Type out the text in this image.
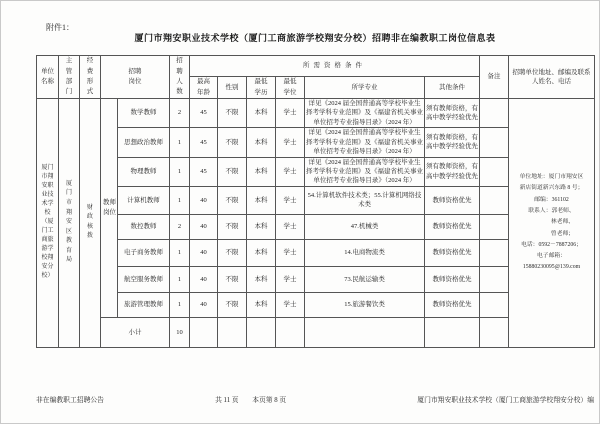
附件1：
厦门市翔安职业技术学校（厦门工商旅游学校翔安分校）招聘非在编教职工岗位信息表
单位名称	主管部门	经费形式	招聘岗位		招聘人数	所需资格条件						备注	招聘单位地址、邮编及联系人姓名、电话
						最高年龄	性别	最低学历	最低学位	所学专业	其他条件		
厦门市翔安职业技术学校（厦门工商旅游学校翔安分校）	厦门市翔安区教育局	财政核拨	教师岗位	数学教师	2	45	不限	本科	学士	详见《2024 届全国普通高等学校毕业生择考学科专业范围》及《福建省机关事业单位招考专业指导目录》（2024 年）	须有教师资格，有高中教学经验优先		
单位地址：厦门市翔安区
新店街道新兴东路 8 号；
邮编：361102
联系人：郭老师、
林老师、
曾老师；
电话：0592－7887206；
电子邮箱：
15880230095@139.com

				思想政治教师	1	45	不限	本科	学士	详见《2024 届全国普通高等学校毕业生择考学科专业范围》及《福建省机关事业单位招考专业指导目录》（2024 年）	须有教师资格，有高中教学经验优先		
				物理教师	1	45	不限	本科	学士	详见《2024 届全国普通高等学校毕业生择考学科专业范围》及《福建省机关事业单位招考专业指导目录》（2024 年）	须有教师资格，有高中教学经验优先		
				计算机教师	1	40	不限	本科	学士	54.计算机软件技术类；55.计算机网络技术类	教师资格优先		
				数控教师	2	40	不限	本科	学士	47.机械类	教师资格优先		
				电子商务教师	1	40	不限	本科	学士	14.电商物流类	教师资格优先		
				航空服务教师	1	40	不限	本科	学士	73.民航运输类	教师资格优先		
				旅游管理教师	1	40	不限	本科	学士	15.旅游餐饮类	教师资格优先		
			小计		10								
非在编教职工招聘公告	共 11 页　　本页第 8 页	厦门市翔安职业技术学校（厦门工商旅游学校翔安分校）编
